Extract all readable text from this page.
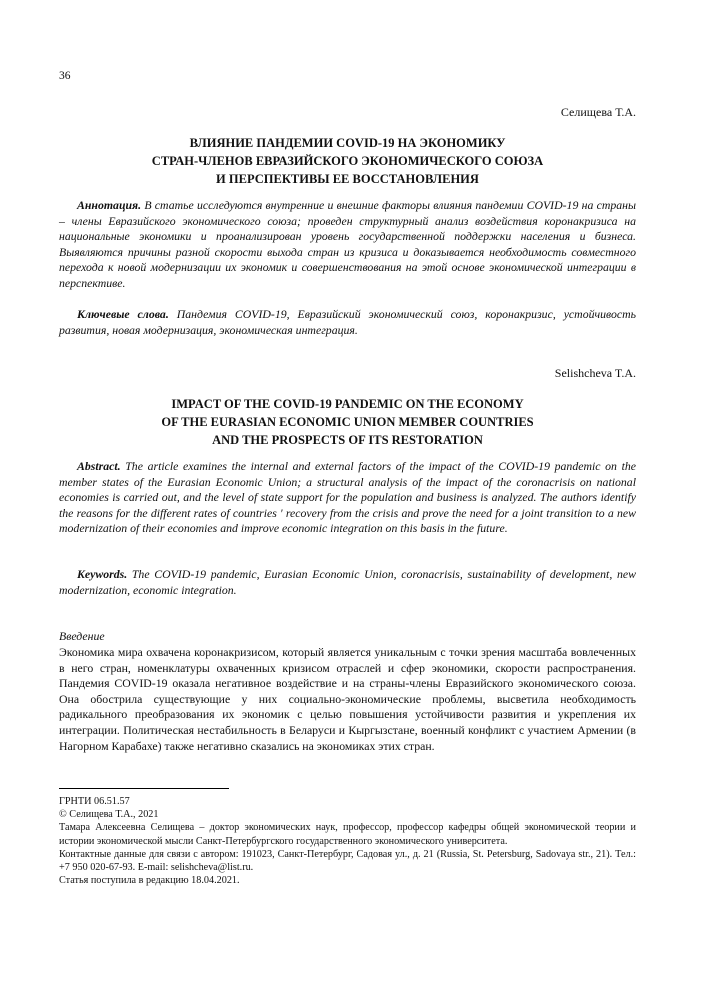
36
Селищева Т.А.
ВЛИЯНИЕ ПАНДЕМИИ COVID-19 НА ЭКОНОМИКУ
СТРАН-ЧЛЕНОВ ЕВРАЗИЙСКОГО ЭКОНОМИЧЕСКОГО СОЮЗА
И ПЕРСПЕКТИВЫ ЕЕ ВОССТАНОВЛЕНИЯ

Аннотация. В статье исследуются внутренние и внешние факторы влияния пандемии COVID-19 на страны – члены Евразийского экономического союза; проведен структурный анализ воздействия коронакризиса на национальные экономики и проанализирован уровень государственной поддержки населения и бизнеса. Выявляются причины разной скорости выхода стран из кризиса и доказывается необходимость совместного перехода к новой модернизации их экономик и совершенствования на этой основе экономической интеграции в перспективе.

Ключевые слова. Пандемия COVID-19, Евразийский экономический союз, коронакризис, устойчивость развития, новая модернизация, экономическая интеграция.

Selishcheva T.A.
IMPACT OF THE COVID-19 PANDEMIC ON THE ECONOMY
OF THE EURASIAN ECONOMIC UNION MEMBER COUNTRIES
AND THE PROSPECTS OF ITS RESTORATION

Abstract. The article examines the internal and external factors of the impact of the COVID-19 pandemic on the member states of the Eurasian Economic Union; a structural analysis of the impact of the coronacrisis on national economies is carried out, and the level of state support for the population and business is analyzed. The authors identify the reasons for the different rates of countries ' recovery from the crisis and prove the need for a joint transition to a new modernization of their economies and improve economic integration on this basis in the future.

Keywords. The COVID-19 pandemic, Eurasian Economic Union, coronacrisis, sustainability of development, new modernization, economic integration.

Введение

Экономика мира охвачена коронакризисом, который является уникальным с точки зрения масштаба вовлеченных в него стран, номенклатуры охваченных кризисом отраслей и сфер экономики, скорости распространения. Пандемия COVID-19 оказала негативное воздействие и на страны-члены Евразийского экономического союза. Она обострила существующие у них социально-экономические проблемы, высветила необходимость радикального преобразования их экономик с целью повышения устойчивости развития и укрепления их интеграции. Политическая нестабильность в Беларуси и Кыргызстане, военный конфликт с участием Армении (в Нагорном Карабахе) также негативно сказались на экономиках этих стран.

ГРНТИ 06.51.57
© Селищева Т.А., 2021
Тамара Алексеевна Селищева – доктор экономических наук, профессор, профессор кафедры общей экономической теории и истории экономической мысли Санкт-Петербургского государственного экономического университета.
Контактные данные для связи с автором: 191023, Санкт-Петербург, Садовая ул., д. 21 (Russia, St. Petersburg, Sadovaya str., 21). Тел.: +7 950 020-67-93. E-mail: selishcheva@list.ru.
Статья поступила в редакцию 18.04.2021.
